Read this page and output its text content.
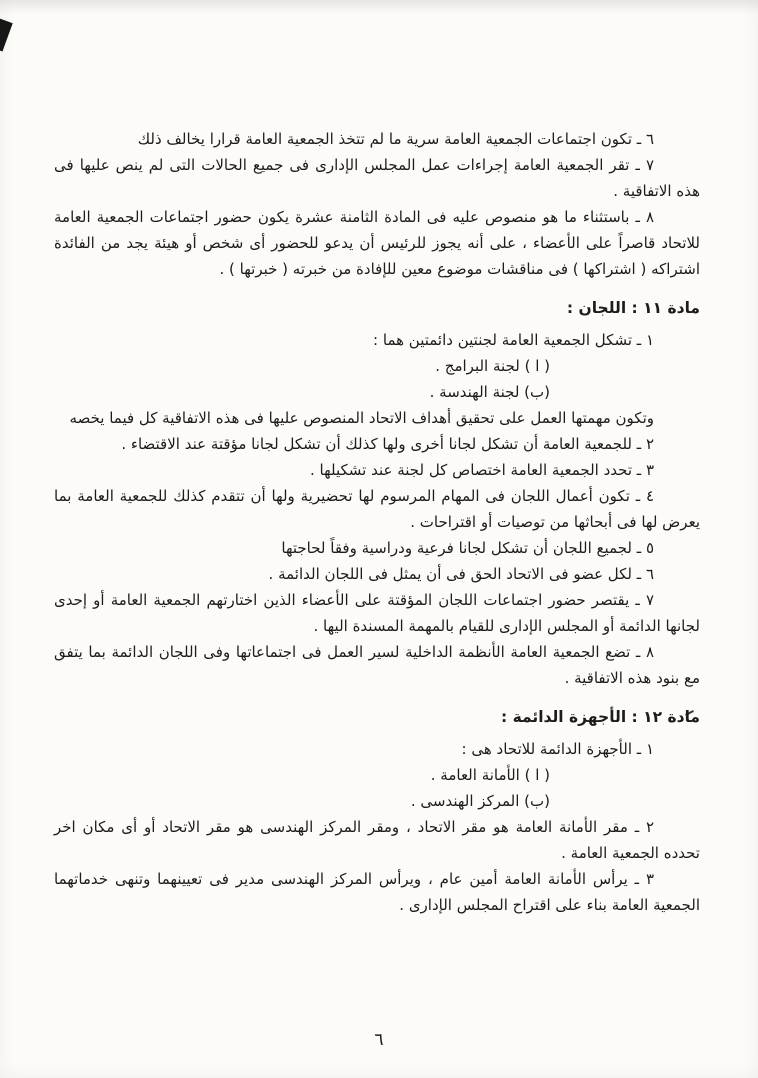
٦ ـ تكون اجتماعات الجمعية العامة سرية ما لم تتخذ الجمعية العامة قرارا يخالف ذلك

٧ ـ تقر الجمعية العامة إجراءات عمل المجلس الإدارى فى جميع الحالات التى لم ينص عليها فى هذه الاتفاقية .

٨ ـ باستثناء ما هو منصوص عليه فى المادة الثامنة عشرة يكون حضور اجتماعات الجمعية العامة للاتحاد قاصراً على الأعضاء ، على أنه يجوز للرئيس أن يدعو للحضور أى شخص أو هيئة يجد من الفائدة اشتراكه ( اشتراكها ) فى مناقشات موضوع معين للإفادة من خبرته ( خبرتها ) .

مادة ١١ : اللجان :

١ ـ تشكل الجمعية العامة لجنتين دائمتين هما :

( ا ) لجنة البرامج .

(ب) لجنة الهندسة .

وتكون مهمتها العمل على تحقيق أهداف الاتحاد المنصوص عليها فى هذه الاتفاقية كل فيما يخصه

٢ ـ للجمعية العامة أن تشكل لجانا أخرى ولها كذلك أن تشكل لجانا مؤقتة عند الاقتضاء .

٣ ـ تحدد الجمعية العامة اختصاص كل لجنة عند تشكيلها .

٤ ـ تكون أعمال اللجان فى المهام المرسوم لها تحضيرية ولها أن تتقدم كذلك للجمعية العامة بما يعرض لها فى أبحاثها من توصيات أو اقتراحات .

٥ ـ لجميع اللجان أن تشكل لجانا فرعية ودراسية وفقاً لحاجتها

٦ ـ لكل عضو فى الاتحاد الحق فى أن يمثل فى اللجان الدائمة .

٧ ـ يقتصر حضور اجتماعات اللجان المؤقتة على الأعضاء الذين اختارتهم الجمعية العامة أو إحدى لجانها الدائمة أو المجلس الإدارى للقيام بالمهمة المسندة اليها .

٨ ـ تضع الجمعية العامة الأنظمة الداخلية لسير العمل فى اجتماعاتها وفى اللجان الدائمة بما يتفق مع بنود هذه الاتفاقية .

مادة ١٢ : الأجهزة الدائمة :

١ ـ الأجهزة الدائمة للاتحاد هى :

( ا ) الأمانة العامة .

(ب) المركز الهندسى .

٢ ـ مقر الأمانة العامة هو مقر الاتحاد ، ومقر المركز الهندسى هو مقر الاتحاد أو أى مكان اخر تحدده الجمعية العامة .

٣ ـ يرأس الأمانة العامة أمين عام ، ويرأس المركز الهندسى مدير فى تعيينهما وتنهى خدماتهما الجمعية العامة بناء على اقتراح المجلس الإدارى .

٦
